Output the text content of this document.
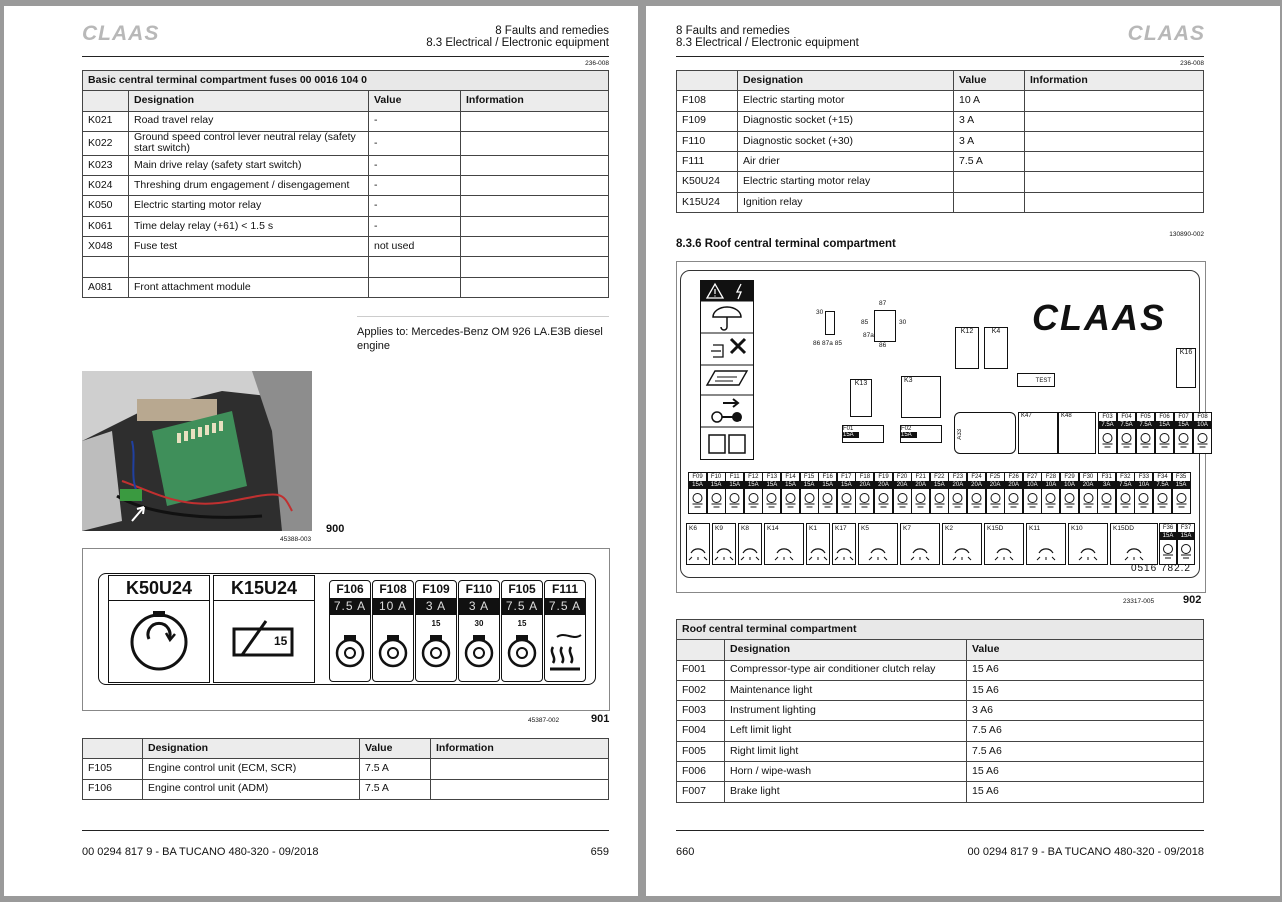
CLAAS	8 Faults and remedies
8.3 Electrical / Electronic equipment
236-008
Basic central terminal compartment fuses 00 0016 104 0			
	Designation	Value	Information
K021	Road travel relay	-	
K022	Ground speed control lever neutral relay (safety start switch)	-	
K023	Main drive relay (safety start switch)	-	
K024	Threshing drum engagement / disengagement	-	
K050	Electric starting motor relay	-	
K061	Time delay relay (+61) < 1.5 s	-	
X048	Fuse test	not used	

A081	Front attachment module		
Applies to: Mercedes-Benz OM 926 LA.E3B diesel engine
45388-003
900
K50U24	K15U24
15
F106
7.5 A
F108
10 A
F109
3 A
15
F110
3 A
30
F105
7.5 A
15
F111
7.5 A
45387-002	901
	Designation	Value	Information
F105	Engine control unit (ECM, SCR)	7.5 A	
F106	Engine control unit (ADM)	7.5 A	
00 0294 817 9 - BA TUCANO 480-320 - 09/2018	659
8 Faults and remedies
8.3 Electrical / Electronic equipment	CLAAS
236-008
	Designation	Value	Information
F108	Electric starting motor	10 A	
F109	Diagnostic socket (+15)	3 A	
F110	Diagnostic socket (+30)	3 A	
F111	Air drier	7.5 A	
K50U24	Electric starting motor relay		
K15U24	Ignition relay		
130890-002
8.3.6 Roof central terminal compartment
30
86 87a 85
87
85	30
87a
86
K12	K4 CLAAS
TEST
K16
K13	K3
F01
15A
F02
15A	A33
K47	K48	F03
7.5A
F04
7.5A
F05
7.5A
F06
15A
F07
15A
F08
10A
F09
15A
F10
15A
F11
15A
F12
15A
F13
15A
F14
15A
F15
15A
F16
15A
F17
15A
F18
20A
F19
20A
F20
20A
F21
20A
F22
15A
F23
20A
F24
20A
F25
20A
F26
20A
F27
10A
F28
10A
F29
10A
F30
20A
F31
3A
F32
7.5A
F33
10A
F34
7.5A
F35
15A
K6	K9	K8	K14	K1	K17	K5	K7	K2	K15D	K11	K10	K15DD	F36
15A
F37
15A
0516 782.2
23317-005	902
Roof central terminal compartment		
	Designation	Value
F001	Compressor-type air conditioner clutch relay	15 A6
F002	Maintenance light	15 A6
F003	Instrument lighting	3 A6
F004	Left limit light	7.5 A6
F005	Right limit light	7.5 A6
F006	Horn / wipe-wash	15 A6
F007	Brake light	15 A6
660	00 0294 817 9 - BA TUCANO 480-320 - 09/2018
